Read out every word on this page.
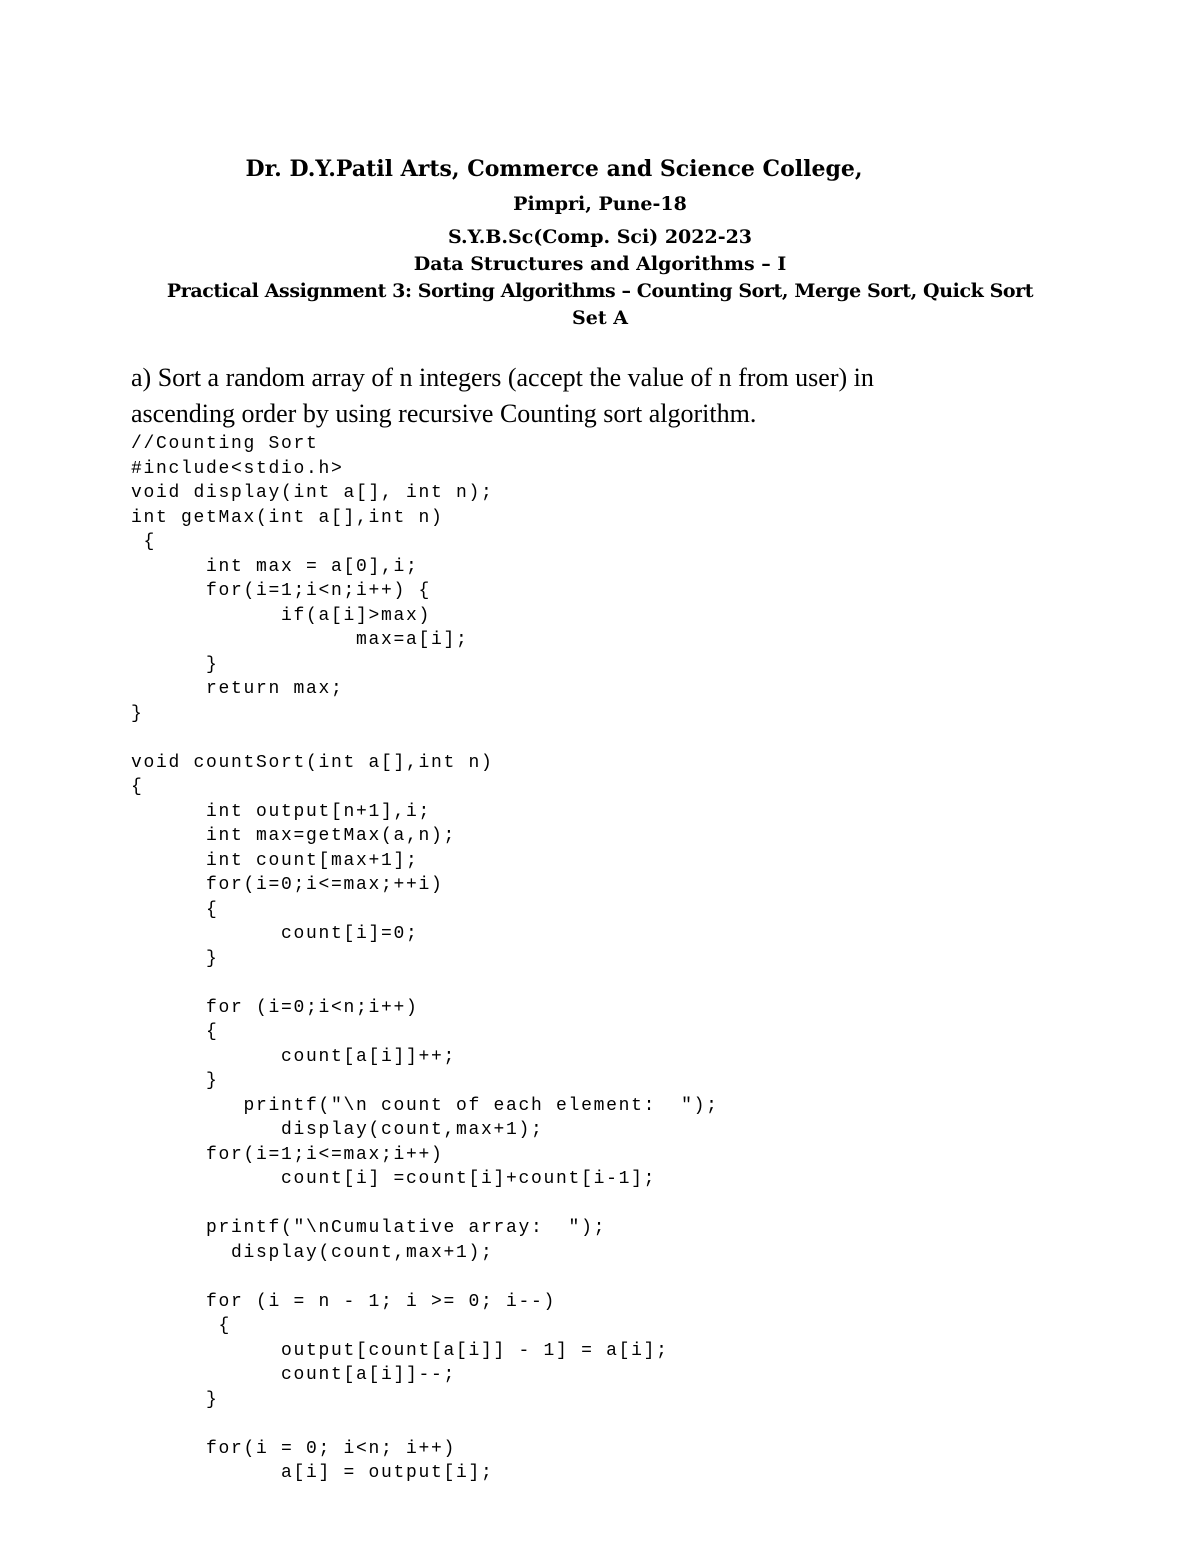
Dr. D.Y.Patil Arts, Commerce and Science College,
Pimpri, Pune-18
S.Y.B.Sc(Comp. Sci) 2022-23
Data Structures and Algorithms – I
Practical Assignment 3: Sorting Algorithms – Counting Sort, Merge Sort, Quick Sort
Set A
a) Sort a random array of n integers (accept the value of n from user) in
ascending order by using recursive Counting sort algorithm.
//Counting Sort
#include<stdio.h>
void display(int a[], int n);
int getMax(int a[],int n)
{
int max = a[0],i;
for(i=1;i<n;i++) {
if(a[i]>max)
max=a[i];
}
return max;
}
void countSort(int a[],int n)
{
int output[n+1],i;
int max=getMax(a,n);
int count[max+1];
for(i=0;i<=max;++i)
{
count[i]=0;
}
for (i=0;i<n;i++)
{
count[a[i]]++;
}
printf("\n count of each element:  ");
display(count,max+1);
for(i=1;i<=max;i++)
count[i] =count[i]+count[i-1];
printf("\nCumulative array:  ");
display(count,max+1);
for (i = n - 1; i >= 0; i--)
{
output[count[a[i]] - 1] = a[i];
count[a[i]]--;
}
for(i = 0; i<n; i++)
a[i] = output[i];
